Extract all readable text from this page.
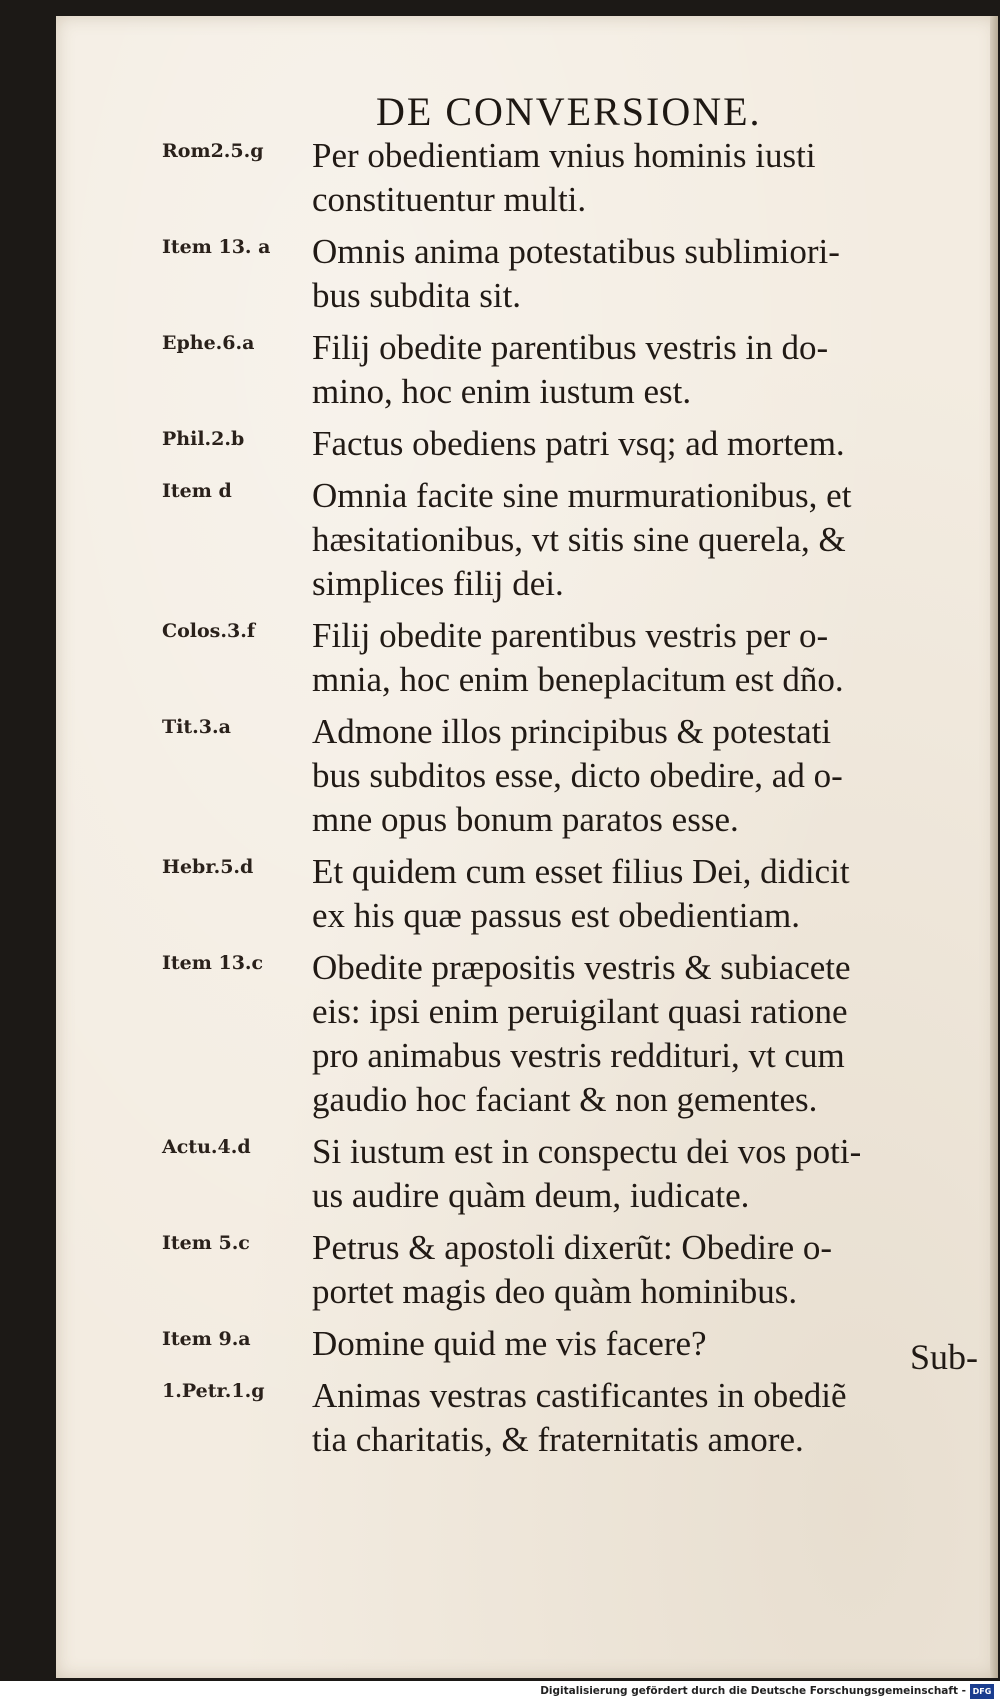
DE CONVERSIONE.
Rom2.5.g	Per obedientiam vnius hominis iusti
constituentur multi.
Item 13. a	Omnis anima potestatibus sublimiori-
bus subdita sit.
Ephe.6.a	Filij obedite parentibus vestris in do-
mino, hoc enim iustum est.
Phil.2.b	Factus obediens patri vsq; ad mortem.
Item d	Omnia facite sine murmurationibus, et
hæsitationibus, vt sitis sine querela, &
simplices filij dei.
Colos.3.f	Filij obedite parentibus vestris per o-
mnia, hoc enim beneplacitum est dño.
Tit.3.a	Admone illos principibus & potestati
bus subditos esse, dicto obedire, ad o-
mne opus bonum paratos esse.
Hebr.5.d	Et quidem cum esset filius Dei, didicit
ex his quæ passus est obedientiam.
Item 13.c	Obedite præpositis vestris & subiacete
eis: ipsi enim peruigilant quasi ratione
pro animabus vestris reddituri, vt cum
gaudio hoc faciant & non gementes.
Actu.4.d	Si iustum est in conspectu dei vos poti-
us audire quàm deum, iudicate.
Item 5.c	Petrus & apostoli dixerũt: Obedire o-
portet magis deo quàm hominibus.
Item 9.a	Domine quid me vis facere?
1.Petr.1.g	Animas vestras castificantes in obediẽ
tia charitatis, & fraternitatis amore.
Sub-
Digitalisierung gefördert durch die Deutsche Forschungsgemeinschaft - DFG
